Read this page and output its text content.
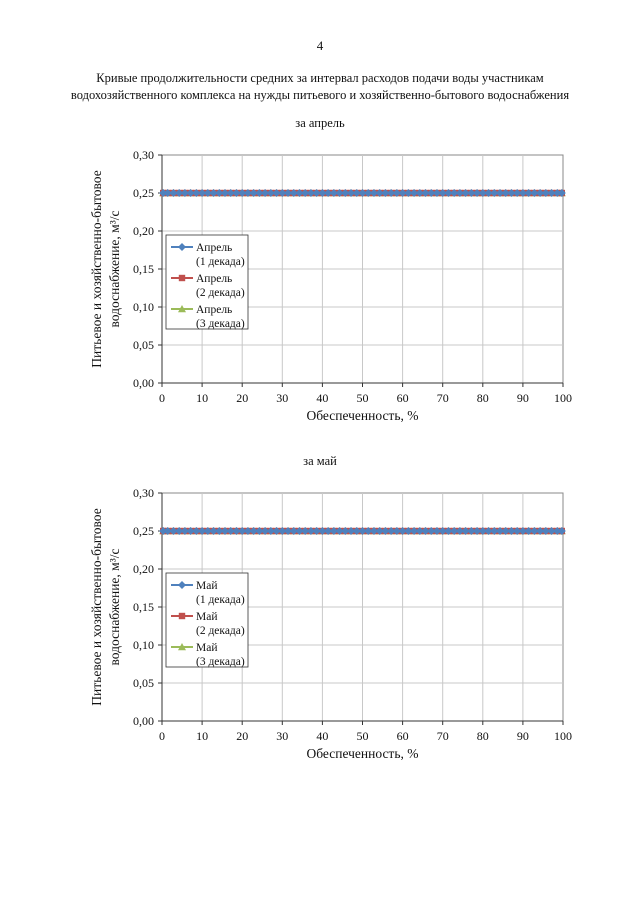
4
Кривые продолжительности средних за интервал расходов подачи воды участникам
водохозяйственного комплекса на нужды питьевого и хозяйственно-бытового водоснабжения
за апрель
0	10 20 30 40 50 60 70 80 90 100
0,00
0,05
0,10
0,15
0,20
0,25
0,30
Обеспеченность, %
Питьевое и хозяйственно-бытовое водоснабжение, м³/с	Апрель
(1 декада)
Апрель
(2 декада)
Апрель
(3 декада)
за май
0	10 20 30 40 50 60 70 80 90 100
0,00
0,05
0,10
0,15
0,20
0,25
0,30
Обеспеченность, %
Питьевое и хозяйственно-бытовое водоснабжение, м³/с	Май
(1 декада)
Май
(2 декада)
Май
(3 декада)
